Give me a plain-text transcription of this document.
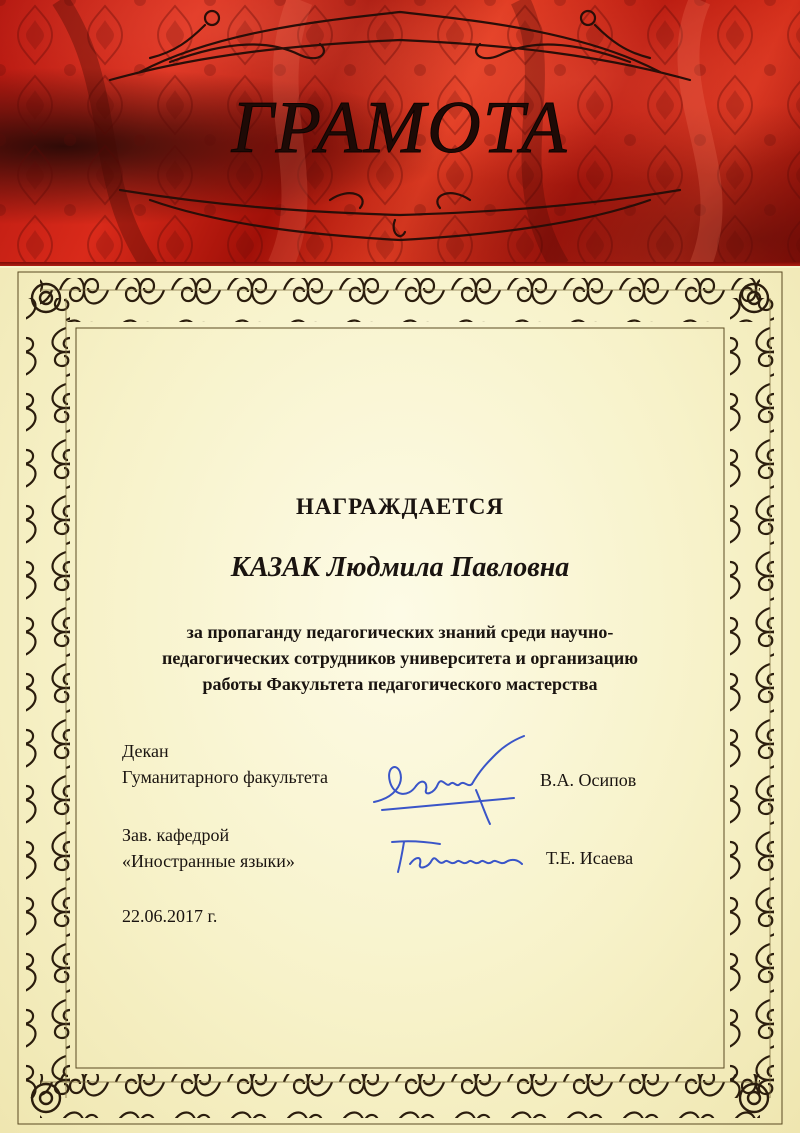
ГРАМОТА
НАГРАЖДАЕТСЯ
КАЗАК Людмила Павловна
за пропаганду педагогических знаний среди научно-
педагогических сотрудников университета и организацию
работы Факультета педагогического мастерства
Декан
Гуманитарного факультета	В.А. Осипов
Зав. кафедрой
«Иностранные языки»	Т.Е. Исаева
22.06.2017 г.
